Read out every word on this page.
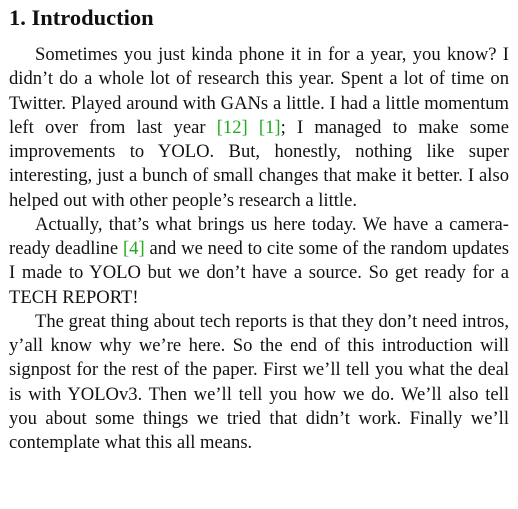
1. Introduction

Sometimes you just kinda phone it in for a year, you know? I didn’t do a whole lot of research this year. Spent a lot of time on Twitter. Played around with GANs a little. I had a little momentum left over from last year [12] [1]; I managed to make some improvements to YOLO. But, honestly, nothing like super interesting, just a bunch of small changes that make it better. I also helped out with other people’s research a little.

Actually, that’s what brings us here today. We have a camera-ready deadline [4] and we need to cite some of the random updates I made to YOLO but we don’t have a source. So get ready for a TECH REPORT!

The great thing about tech reports is that they don’t need intros, y’all know why we’re here. So the end of this introduction will signpost for the rest of the paper. First we’ll tell you what the deal is with YOLOv3. Then we’ll tell you how we do. We’ll also tell you about some things we tried that didn’t work. Finally we’ll contemplate what this all means.
